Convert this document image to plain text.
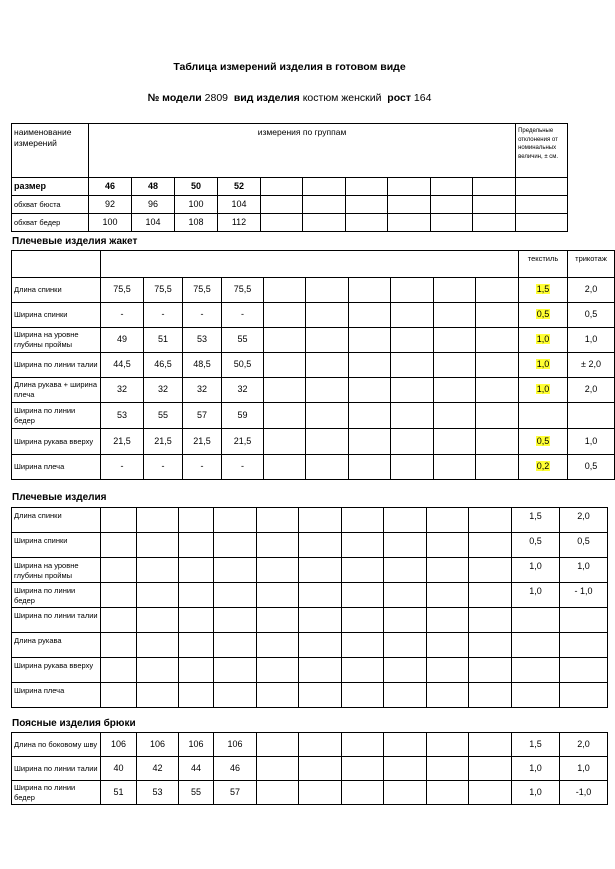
Таблица измерений изделия в готовом виде
№ модели 2809 вид изделия костюм женский рост 164
наименование измерений	измерения по группам										Предельные отклонения от номинальных величин, ± см.
размер	46	48	50	52							
обхват бюста	92	96	100	104							
обхват бедер	100	104	108	112							
Плечевые изделия жакет
											текстиль	трикотаж
Длина спинки	75,5	75,5	75,5	75,5							1,5	2,0
Ширина спинки	-	-	-	-							0,5	0,5
Ширина на уровне глубины проймы	49	51	53	55							1,0	1,0
Ширина по линии талии	44,5	46,5	48,5	50,5							1,0	± 2,0
Длина рукава + ширина плеча	32	32	32	32							1,0	2,0
Ширина по линии бедер	53	55	57	59								
Ширина рукава вверху	21,5	21,5	21,5	21,5							0,5	1,0
Ширина плеча	-	-	-	-							0,2	0,5
Плечевые изделия
Длина спинки											1,5	2,0
Ширина спинки											0,5	0,5
Ширина на уровне глубины проймы											1,0	1,0
Ширина по линии бедер											1,0	- 1,0
Ширина по линии талии												
Длина рукава												
Ширина рукава вверху												
Ширина плеча												
Поясные изделия брюки
Длина по боковому шву	106	106	106	106							1,5	2,0
Ширина по линии талии	40	42	44	46							1,0	1,0
Ширина по линии бедер	51	53	55	57							1,0	-1,0
